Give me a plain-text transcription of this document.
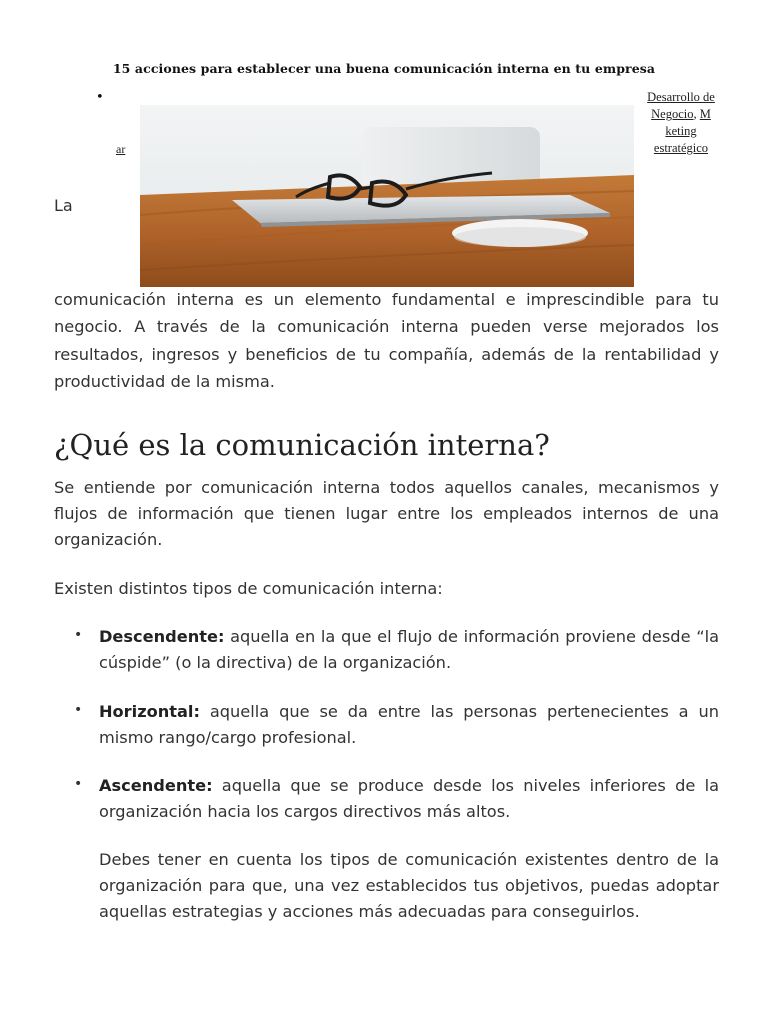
15 acciones para establecer una buena comunicación interna en tu empresa
•
ar
Desarrollo de Negocio, M keting estratégico
La

comunicación interna es un elemento fundamental e imprescindible para tu negocio. A través de la comunicación interna pueden verse mejorados los resultados, ingresos y beneficios de tu compañía, además de la rentabilidad y productividad de la misma.

¿Qué es la comunicación interna?

Se entiende por comunicación interna todos aquellos canales, mecanismos y flujos de información que tienen lugar entre los empleados internos de una organización.

Existen distintos tipos de comunicación interna:

•

Descendente: aquella en la que el flujo de información proviene desde “la cúspide” (o la directiva) de la organización.

•

Horizontal: aquella que se da entre las personas pertenecientes a un mismo rango/cargo profesional.

•

Ascendente: aquella que se produce desde los niveles inferiores de la organización hacia los cargos directivos más altos.

Debes tener en cuenta los tipos de comunicación existentes dentro de la organización para que, una vez establecidos tus objetivos, puedas adoptar aquellas estrategias y acciones más adecuadas para conseguirlos.
